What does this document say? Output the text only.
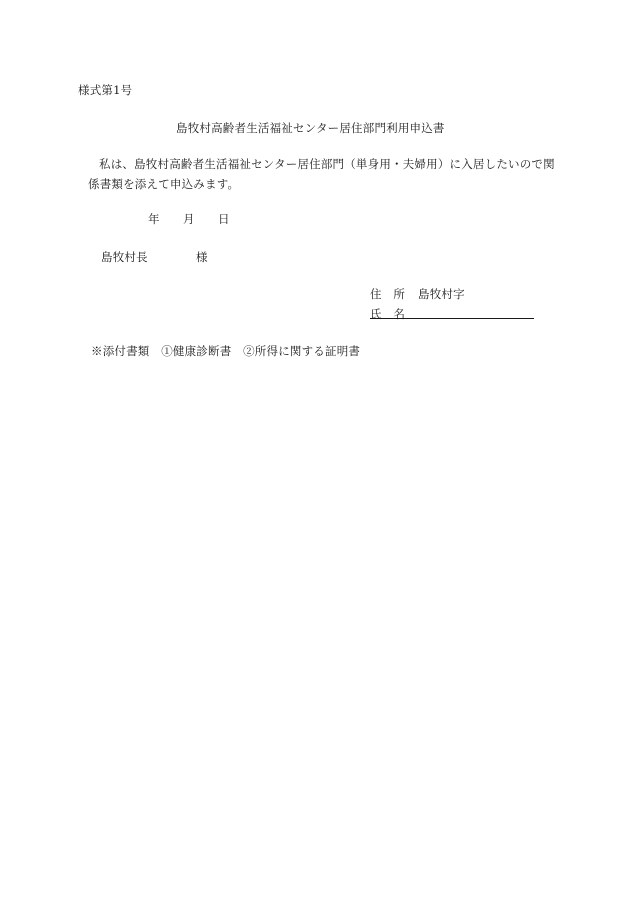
様式第1号
島牧村高齢者生活福祉センター居住部門利用申込書
私は、島牧村高齢者生活福祉センター居住部門（単身用・夫婦用）に入居したいので関
係書類を添えて申込みます。
年 月 日
島牧村長	様
住　所 島牧村字
氏　名
※添付書類　①健康診断書　②所得に関する証明書
